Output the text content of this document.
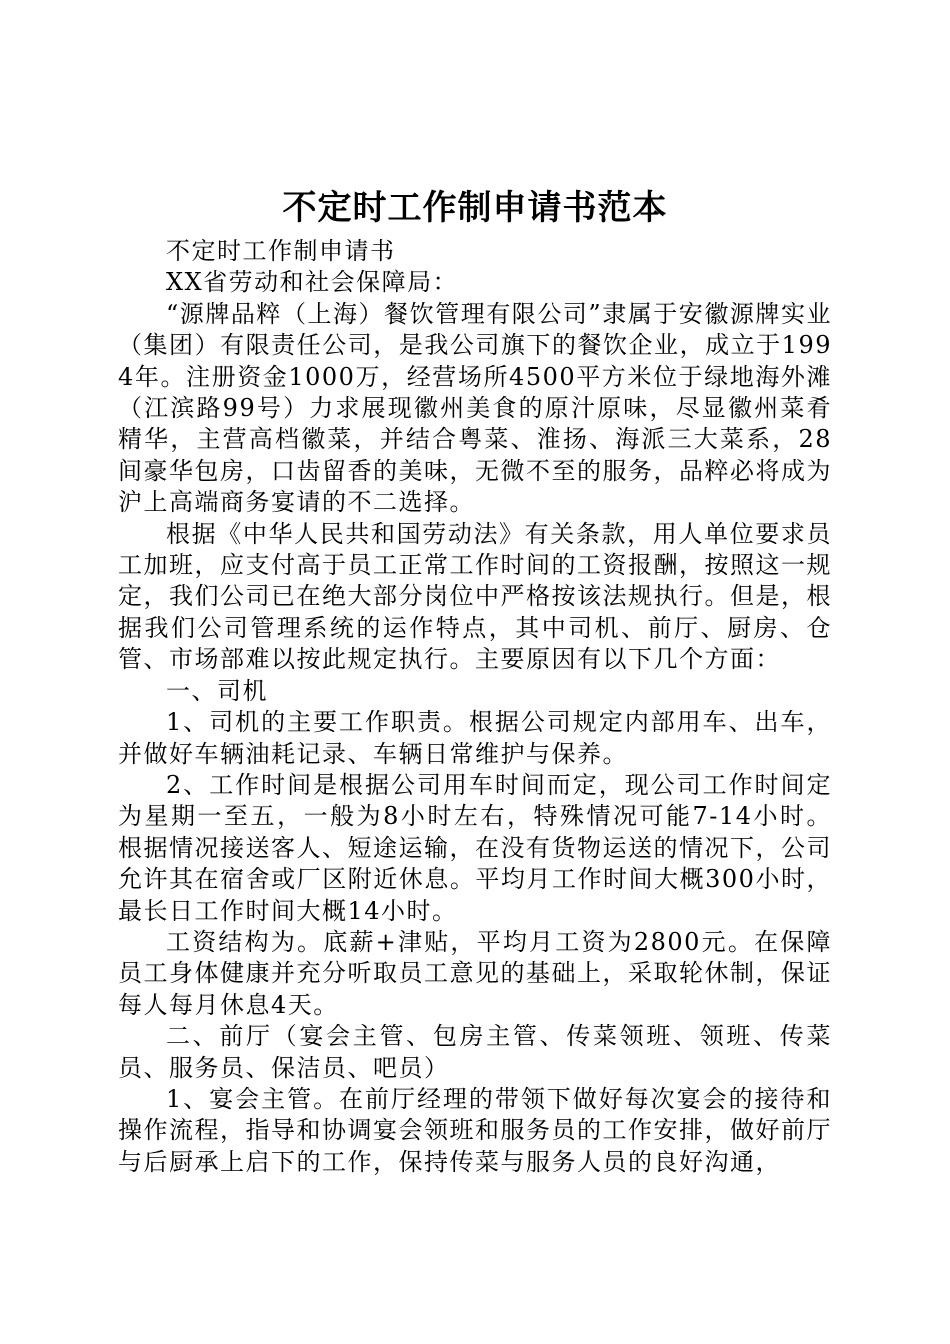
不定时工作制申请书范本

不定时工作制申请书

XX省劳动和社会保障局：

“源牌品粹（上海）餐饮管理有限公司”隶属于安徽源牌实业（集团）有限责任公司，是我公司旗下的餐饮企业，成立于1994年。注册资金1000万，经营场所4500平方米位于绿地海外滩（江滨路99号）力求展现徽州美食的原汁原味，尽显徽州菜肴精华，主营高档徽菜，并结合粤菜、淮扬、海派三大菜系，28间豪华包房，口齿留香的美味，无微不至的服务，品粹必将成为沪上高端商务宴请的不二选择。

根据《中华人民共和国劳动法》有关条款，用人单位要求员工加班，应支付高于员工正常工作时间的工资报酬，按照这一规定，我们公司已在绝大部分岗位中严格按该法规执行。但是，根据我们公司管理系统的运作特点，其中司机、前厅、厨房、仓管、市场部难以按此规定执行。主要原因有以下几个方面：

一、司机

1、司机的主要工作职责。根据公司规定内部用车、出车，并做好车辆油耗记录、车辆日常维护与保养。

2、工作时间是根据公司用车时间而定，现公司工作时间定为星期一至五，一般为8小时左右，特殊情况可能7-14小时。根据情况接送客人、短途运输，在没有货物运送的情况下，公司允许其在宿舍或厂区附近休息。平均月工作时间大概300小时，最长日工作时间大概14小时。

工资结构为。底薪+津贴，平均月工资为2800元。在保障员工身体健康并充分听取员工意见的基础上，采取轮休制，保证每人每月休息4天。

二、前厅（宴会主管、包房主管、传菜领班、领班、传菜员、服务员、保洁员、吧员）

1、宴会主管。在前厅经理的带领下做好每次宴会的接待和操作流程，指导和协调宴会领班和服务员的工作安排，做好前厅与后厨承上启下的工作，保持传菜与服务人员的良好沟通，
